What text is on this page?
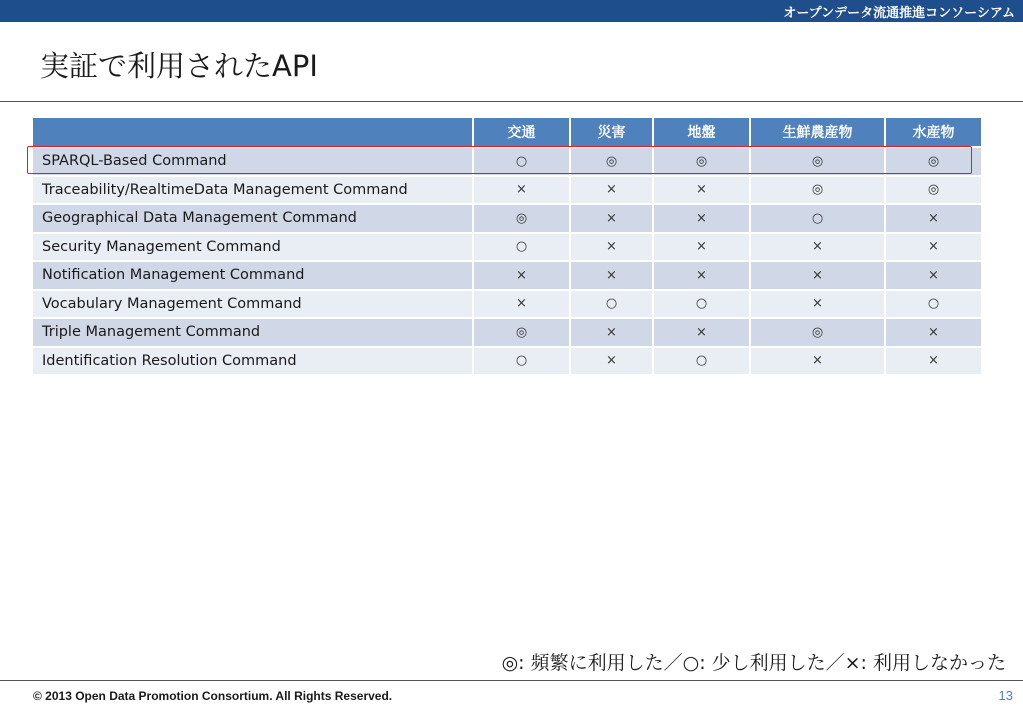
オープンデータ流通推進コンソーシアム
実証で利用されたAPI
	交通	災害	地盤	生鮮農産物	水産物
SPARQL-Based Command	○	◎	◎	◎	◎
Traceability/RealtimeData Management Command	×	×	×	◎	◎
Geographical Data Management Command	◎	×	×	○	×
Security Management Command	○	×	×	×	×
Notification Management Command	×	×	×	×	×
Vocabulary Management Command	×	○	○	×	○
Triple Management Command	◎	×	×	◎	×
Identification Resolution Command	○	×	○	×	×
◎: 頻繁に利用した／○: 少し利用した／×: 利用しなかった
© 2013 Open Data Promotion Consortium. All Rights Reserved.	13
